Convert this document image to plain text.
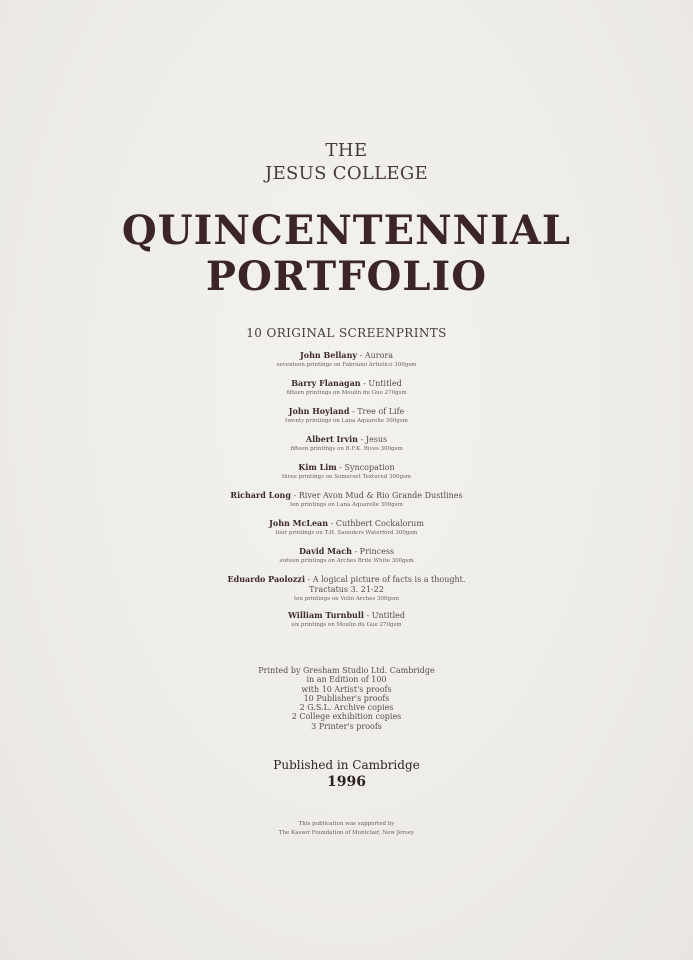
THE
JESUS COLLEGE
QUINCENTENNIAL
PORTFOLIO
10 ORIGINAL SCREENPRINTS
John Bellany - Aurora
seventeen printings on Fabriano Artistico 300gsm
Barry Flanagan - Untitled
fifteen printings on Moulin du Gue 270gsm
John Hoyland - Tree of Life
twenty printings on Lana Aquarelle 300gsm
Albert Irvin - Jesus
fifteen printings on B.F.K. Rives 300gsm
Kim Lim - Syncopation
three printings on Somerset Textured 300gsm
Richard Long - River Avon Mud & Rio Grande Dustlines
ten printings on Lana Aquarelle 300gsm
John McLean - Cuthbert Cockalorum
four printings on T.H. Saunders Waterford 300gsm
David Mach - Princess
sixteen printings on Arches Brite White 300gsm
Eduardo Paolozzi - A logical picture of facts is a thought.
Tractatus 3. 21-22
ten printings on Velin Arches 300gsm
William Turnbull - Untitled
six printings on Moulin du Gue 270gsm
Printed by Gresham Studio Ltd. Cambridge
in an Edition of 100
with 10 Artist's proofs
10 Publisher's proofs
2 G.S.L. Archive copies
2 College exhibition copies
3 Printer's proofs
Published in Cambridge
1996
This publication was supported by
The Kasser Foundation of Montclair, New Jersey
